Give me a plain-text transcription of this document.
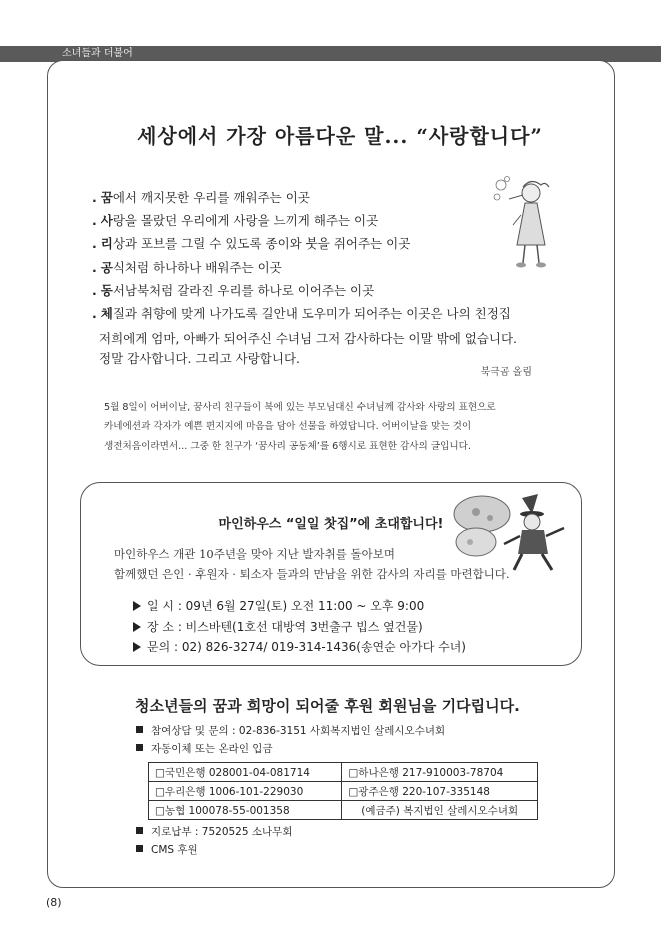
소녀들과 더불어
세상에서 가장 아름다운 말... “사랑합니다”
. 꿈에서 깨지못한 우리를 깨워주는 이곳
. 사랑을 몰랐던 우리에게 사랑을 느끼게 해주는 이곳
. 리상과 포브를 그릴 수 있도록 종이와 붓을 쥐어주는 이곳
. 공식처럼 하나하나 배워주는 이곳
. 동서남북처럼 갈라진 우리를 하나로 이어주는 이곳
. 체질과 취향에 맞게 나가도록 길안내 도우미가 되어주는 이곳은 나의 친정집
저희에게 엄마, 아빠가 되어주신 수녀님 그저 감사하다는 이말 밖에 없습니다.
정말 감사합니다. 그리고 사랑합니다.
북극곰 올림
5월 8일이 어버이날, 꿈사리 친구들이 북에 있는 부모님대신 수녀님께 감사와 사랑의 표현으로
카네에션과 각자가 예쁜 편지지에 마음을 담아 선물을 하였답니다. 어버이날을 맞는 것이
생전처음이라면서... 그중 한 친구가 ‘꿈사리 공동체’를 6행시로 표현한 감사의 글입니다.
마인하우스 “일일 찻집”에 초대합니다!
마인하우스 개관 10주년을 맞아 지난 발자취를 돌아보며
함께했던 은인 · 후원자 · 퇴소자 들과의 만남을 위한 감사의 자리를 마련합니다.
일 시 : 09년 6월 27일(토) 오전 11:00 ~ 오후 9:00
장 소 : 비스바텐(1호선 대방역 3번출구 빕스 옆건물)
문의 : 02) 826-3274/ 019-314-1436(송연순 아가다 수녀)
청소년들의 꿈과 희망이 되어줄 후원 회원님을 기다립니다.
참여상담 및 문의 : 02-836-3151 사회복지법인 살레시오수녀회
자동이체 또는 온라인 입금
□국민은행 028001-04-081714	□하나은행 217-910003-78704
□우리은행 1006-101-229030	□광주은행 220-107-335148
□농협 100078-55-001358	(예금주) 복지법인 살레시오수녀회
지로납부 : 7520525 소나무회
CMS 후원
(8)
